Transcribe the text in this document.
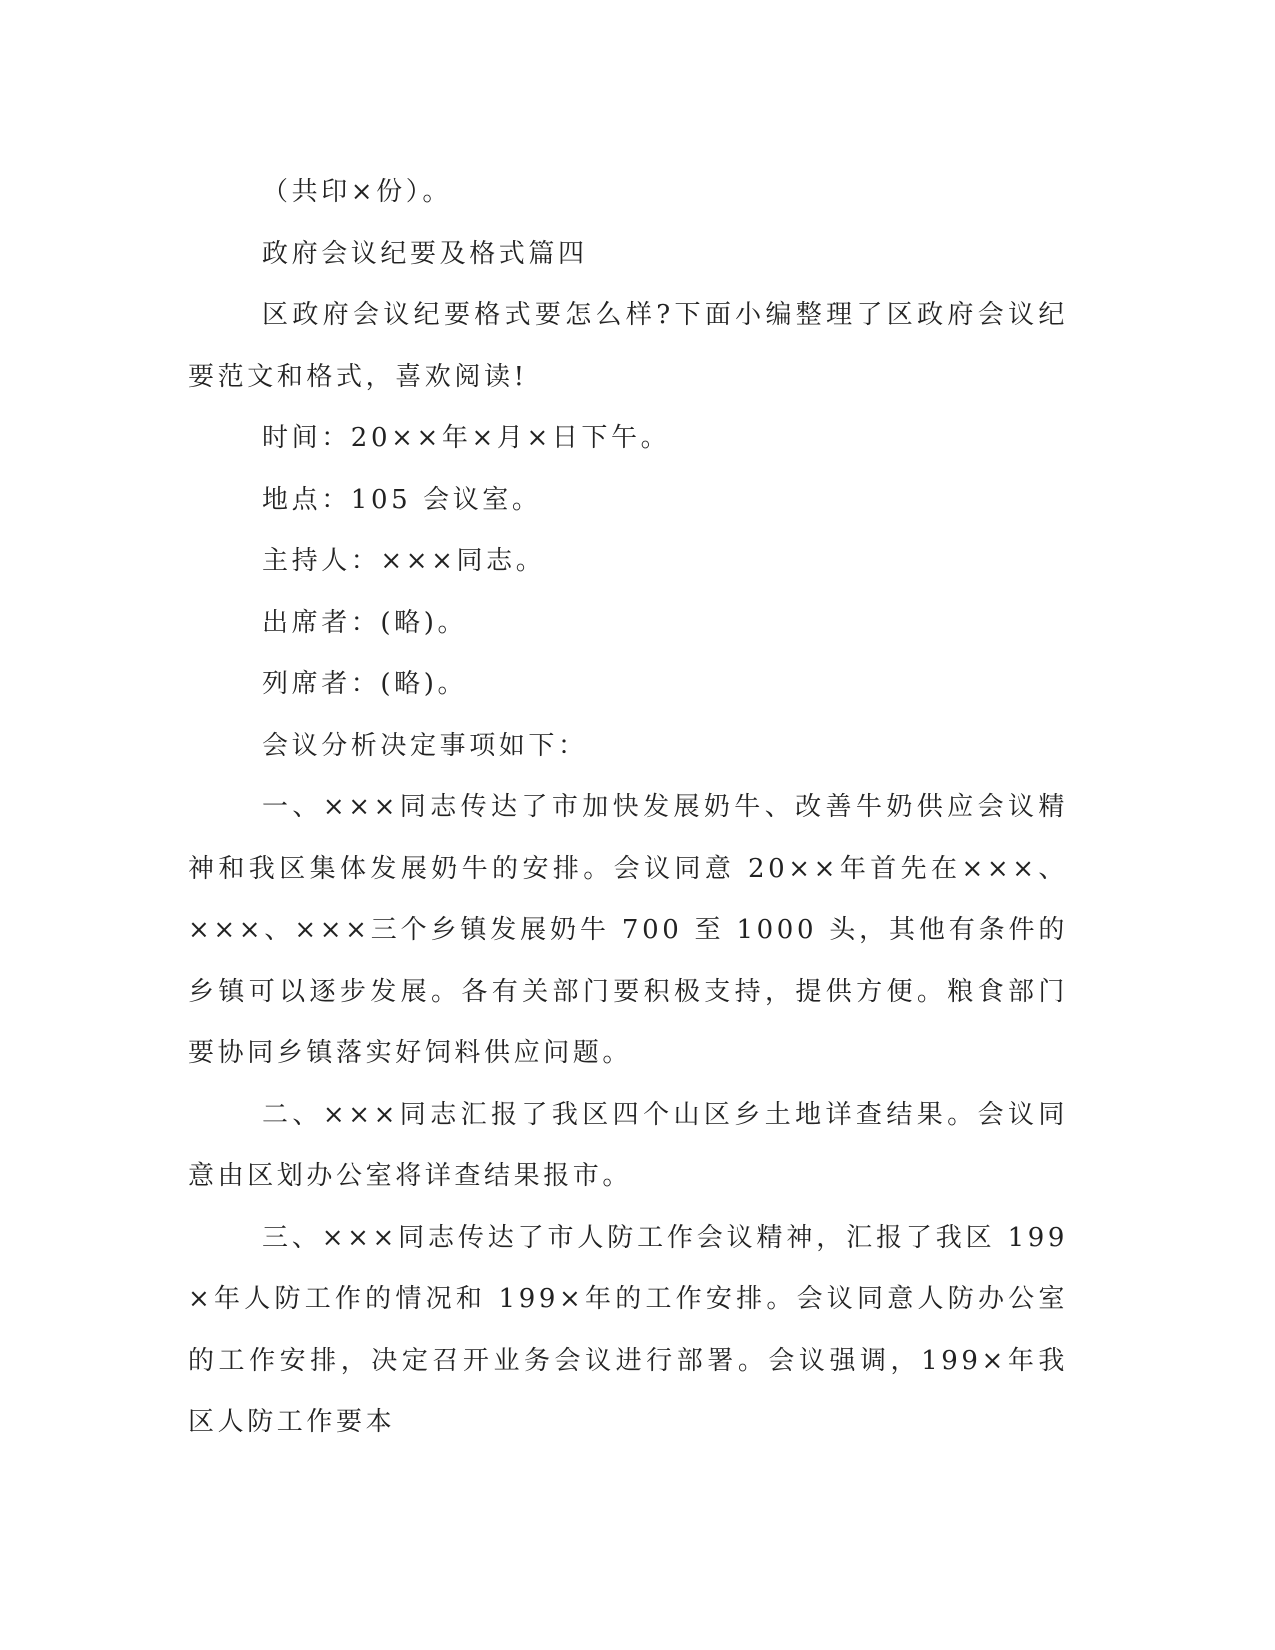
（共印×份）。

政府会议纪要及格式篇四

区政府会议纪要格式要怎么样?下面小编整理了区政府会议纪要范文和格式，喜欢阅读!

时间：20××年×月×日下午。

地点：105 会议室。

主持人：×××同志。

出席者：(略)。

列席者：(略)。

会议分析决定事项如下：

一、×××同志传达了市加快发展奶牛、改善牛奶供应会议精神和我区集体发展奶牛的安排。会议同意 20××年首先在×××、×××、×××三个乡镇发展奶牛 700 至 1000 头，其他有条件的乡镇可以逐步发展。各有关部门要积极支持，提供方便。粮食部门要协同乡镇落实好饲料供应问题。

二、×××同志汇报了我区四个山区乡土地详查结果。会议同意由区划办公室将详查结果报市。

三、×××同志传达了市人防工作会议精神，汇报了我区 199×年人防工作的情况和 199×年的工作安排。会议同意人防办公室的工作安排，决定召开业务会议进行部署。会议强调，199×年我区人防工作要本
